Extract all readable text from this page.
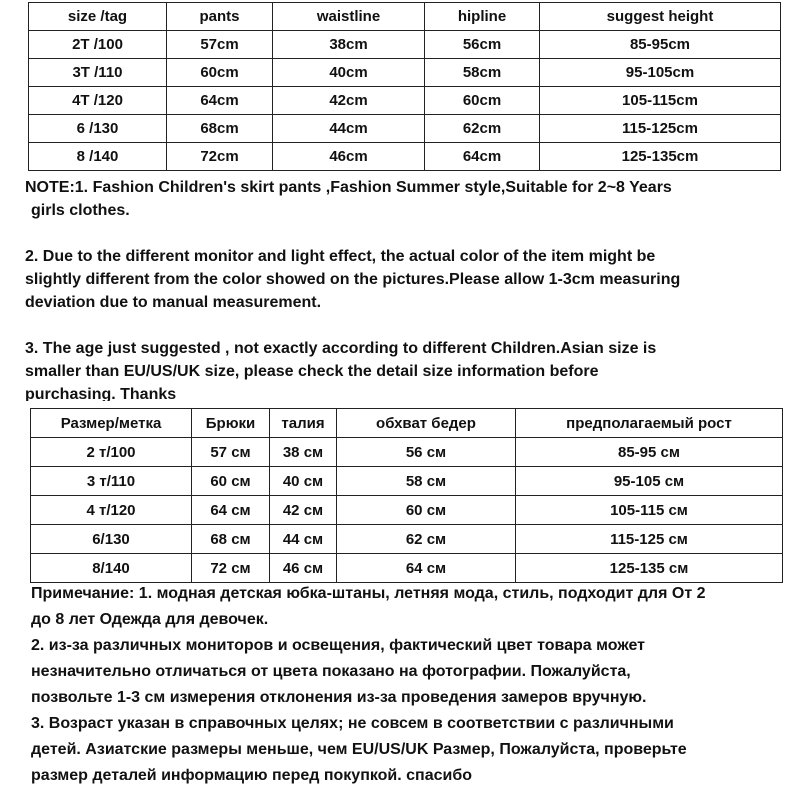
size /tag	pants	waistline	hipline	suggest height
2T /100	57cm	38cm	56cm	85-95cm
3T /110	60cm	40cm	58cm	95-105cm
4T /120	64cm	42cm	60cm	105-115cm
6 /130	68cm	44cm	62cm	115-125cm
8 /140	72cm	46cm	64cm	125-135cm

NOTE:1. Fashion Children's skirt pants ,Fashion Summer style,Suitable for 2~8 Years

girls clothes.

2. Due to the different monitor and light effect, the actual color of the item might be

slightly different from the color showed on the pictures.Please allow 1-3cm measuring

deviation due to manual measurement.

3. The age just suggested , not exactly according to different Children.Asian size is

smaller than EU/US/UK size, please check the detail size information before

purchasing. Thanks

Размер/метка	Брюки	талия	обхват бедер	предполагаемый рост
2 т/100	57 см	38 см	56 см	85-95 см
3 т/110	60 см	40 см	58 см	95-105 см
4 т/120	64 см	42 см	60 см	105-115 см
6/130	68 см	44 см	62 см	115-125 см
8/140	72 см	46 см	64 см	125-135 см

Примечание: 1. модная детская юбка-штаны, летняя мода, стиль, подходит для От 2

до 8 лет Одежда для девочек.

2. из-за различных мониторов и освещения, фактический цвет товара может

незначительно отличаться от цвета показано на фотографии. Пожалуйста,

позвольте 1-3 см измерения отклонения из-за проведения замеров вручную.

3. Возраст указан в справочных целях; не совсем в соответствии с различными

детей. Азиатские размеры меньше, чем EU/US/UK Размер, Пожалуйста, проверьте

размер деталей информацию перед покупкой. спасибо
